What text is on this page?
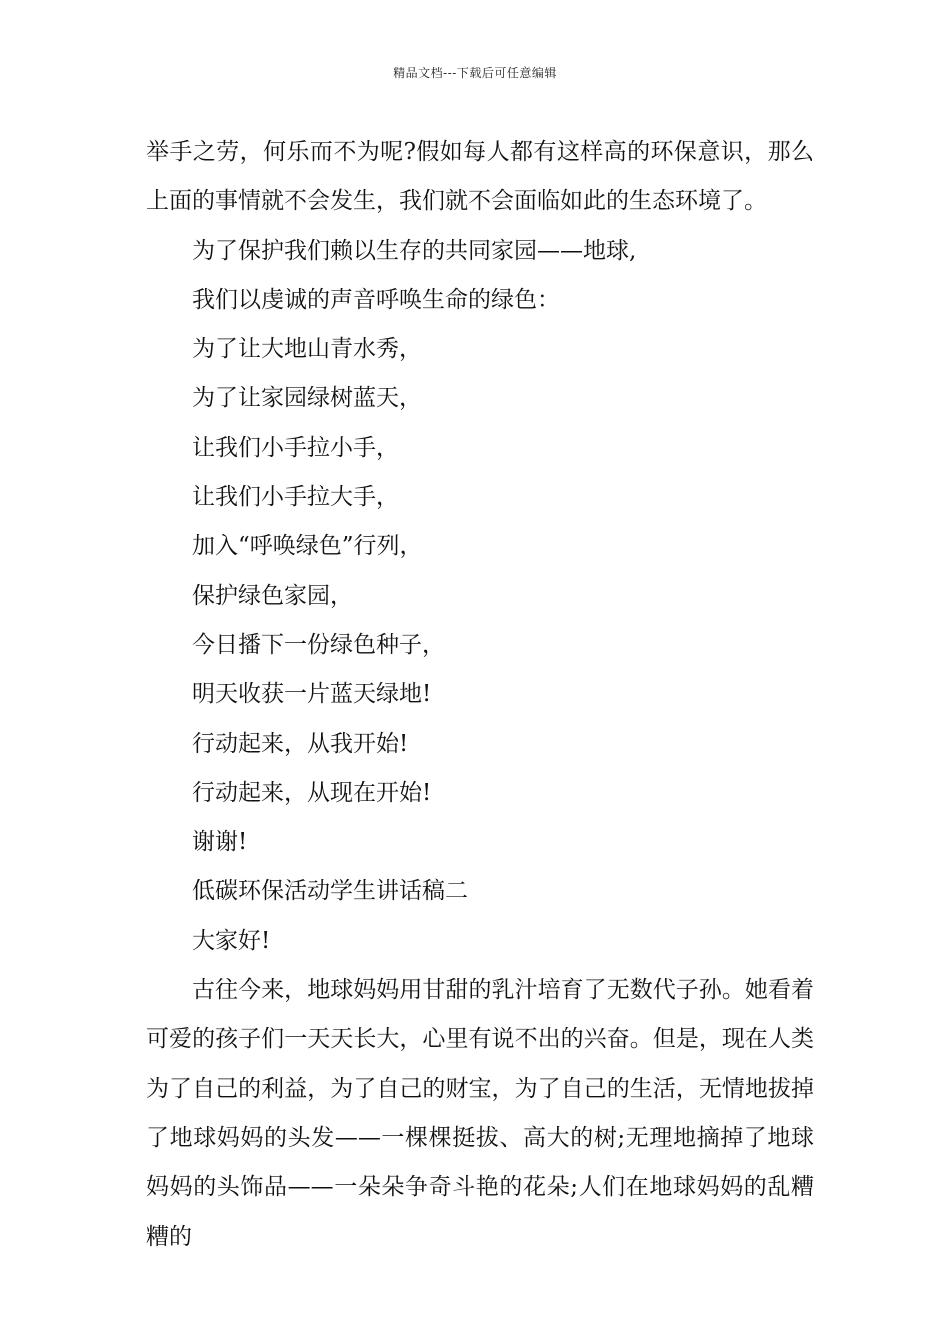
精品文档---下载后可任意编辑

举手之劳，何乐而不为呢?假如每人都有这样高的环保意识，那么上面的事情就不会发生，我们就不会面临如此的生态环境了。

为了保护我们赖以生存的共同家园——地球,

我们以虔诚的声音呼唤生命的绿色：

为了让大地山青水秀，

为了让家园绿树蓝天，

让我们小手拉小手，

让我们小手拉大手，

加入“呼唤绿色”行列，

保护绿色家园，

今日播下一份绿色种子，

明天收获一片蓝天绿地!

行动起来，从我开始!

行动起来，从现在开始!

谢谢!

低碳环保活动学生讲话稿二

大家好!

古往今来，地球妈妈用甘甜的乳汁培育了无数代子孙。她看着可爱的孩子们一天天长大，心里有说不出的兴奋。但是，现在人类为了自己的利益，为了自己的财宝，为了自己的生活，无情地拔掉了地球妈妈的头发——一棵棵挺拔、高大的树;无理地摘掉了地球妈妈的头饰品——一朵朵争奇斗艳的花朵;人们在地球妈妈的乱糟糟的
